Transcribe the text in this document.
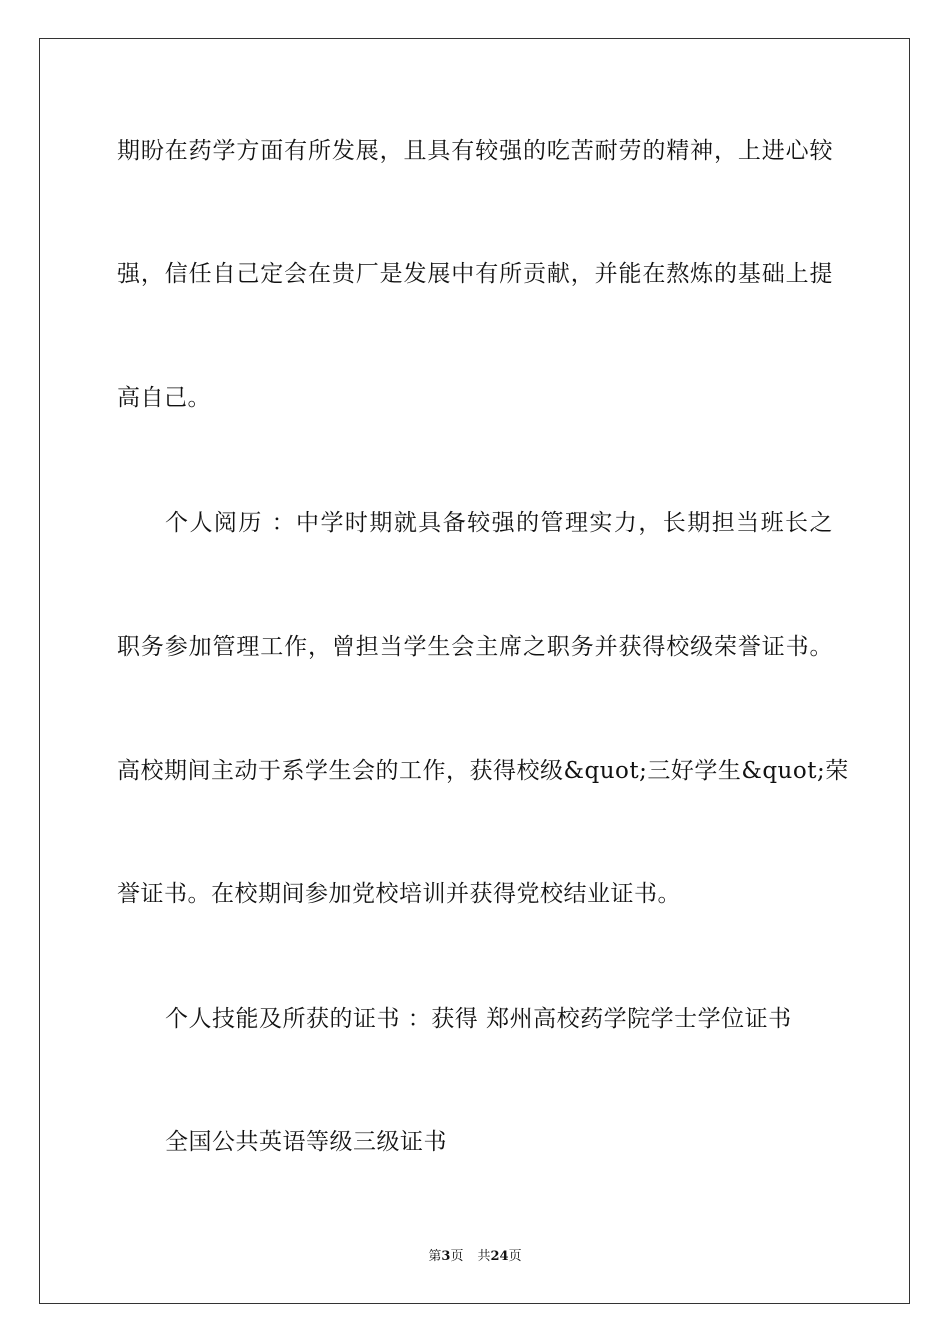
期盼在药学方面有所发展，且具有较强的吃苦耐劳的精神，上进心较
强，信任自己定会在贵厂是发展中有所贡献，并能在熬炼的基础上提
高自己。
个人阅历 ：中学时期就具备较强的管理实力，长期担当班长之
职务参加管理工作，曾担当学生会主席之职务并获得校级荣誉证书。
高校期间主动于系学生会的工作，获得校级&quot;三好学生&quot;荣
誉证书。在校期间参加党校培训并获得党校结业证书。
个人技能及所获的证书 ：获得 郑州高校药学院学士学位证书
全国公共英语等级三级证书
第3页 共24页
